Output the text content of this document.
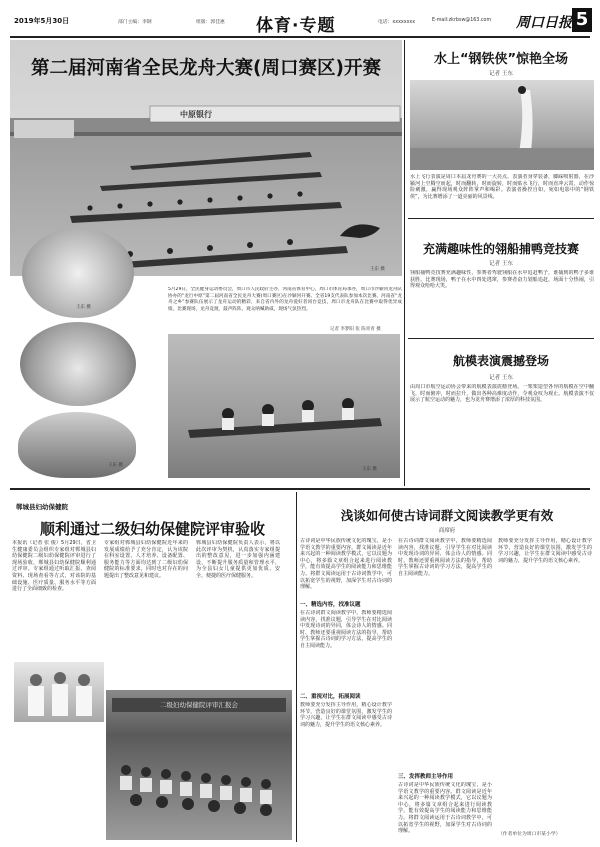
2019年5月30日	部门主编：李钢	组版：郭佳惠 体育·专题	电话：xxxxxxxx	E-mail:zkrbsw@163.com 周口日报 5
第二届河南省全民龙舟大赛(周口赛区)开赛
中原银行
王东 摄
王东 摄
5月29日，全民健身运动委员会，周口市人民政府主办，河南省体育中心，周口市体育局承办，周口市沙颍河龙舟队协办的“龙行中原”第二届河南省全民龙舟大赛(周口赛区)在沙颍河开赛。全省19支代表队参加本次比赛。河南省“龙舟之乡”参赛队伍展示了龙舟运动的精彩，来自省内外的龙舟爱好者同台竞技，周口市龙舟队在比赛中取得优异成绩。比赛现场，龙舟竞渡，鼓声阵阵，观众呐喊助威，现场气氛热烈。
记者 李梦阳 张 陈青青 摄
王东 摄
王东 摄
水上“钢铁侠”惊艳全场
记者 王东
水上飞行表演是周口本届龙舟赛的一大亮点。表演者身穿装备，脚踩喷射器，在沙颍河上空腾空而起，时而翻转，时而旋转，时而贴水飞行，时而直冲云霄，动作惊险刺激，赢得现场观众阵阵掌声和喝彩。表演者操控自如，宛如电影中的“钢铁侠”，为比赛增添了一道亮丽的风景线。
充满趣味性的翎船捕鸭竞技赛
记者 王东
翎船捕鸭竞技赛充满趣味性，参赛者驾驶翎船在水中追赶鸭子，谁捕到的鸭子多谁获胜。比赛现场，鸭子在水中四处逃窜，参赛者奋力划船追赶，场面十分热闹，引得观众哈哈大笑。
航模表演震撼登场
记者 王东
由周口市航空运动协会带来的航模表演震撼登场。一架架造型各异的航模在空中翻飞，时而俯冲，时而拉升，做出各种高难度动作，令观众叹为观止。航模表演不仅展示了航空运动的魅力，也为龙舟赛增添了浓厚的科技氛围。
郸城县妇幼保健院
顺利通过二级妇幼保健院评审验收
本报讯（记者 张 俊）5月29日，省卫生健康委员会组织专家组对郸城县妇幼保健院二级妇幼保健院评审进行了现场验收，郸城县妇幼保健院顺利通过评审。专家组通过听取汇报、查阅资料、现场查看等方式，对该院的基础设施、医疗质量、服务水平等方面进行了全面细致的检查。
专家组对郸城县妇幼保健院近年来的发展成绩给予了充分肯定，认为该院在科室设置、人才培养、设备配置、服务能力等方面均达到了二级妇幼保健院的标准要求，同时也对存在的问题提出了整改意见和建议。
郸城县妇幼保健院负责人表示，将以此次评审为契机，认真落实专家组提出的整改意见，进一步加强内涵建设，不断提升服务质量和管理水平，为全县妇女儿童提供更加优质、安全、便捷的医疗保健服务。
二级妇幼保健院评审汇报会
浅谈如何使古诗词群文阅读教学更有效
商席府
古诗词是中华民族传统文化的瑰宝，是小学语文教学的重要内容。群文阅读是近年来兴起的一种阅读教学模式，它以议题为中心，将多篇文章组合起来进行阅读教学，能有效提高学生的阅读能力和思维能力。将群文阅读运用于古诗词教学中，可以拓宽学生的视野，加深学生对古诗词的理解。
一、精选内容，找准议题
在古诗词群文阅读教学中，教师要精选阅读内容，找准议题，引导学生在对比阅读中发现诗词的异同，体会诗人的情感。同时，教师还要重视阅读方法的指导，帮助学生掌握古诗词的学习方法，提高学生的自主阅读能力。
二、重视对比，拓展阅读
教师要充分发挥主导作用，精心设计教学环节，营造良好的课堂氛围，激发学生的学习兴趣，让学生在群文阅读中感受古诗词的魅力，提升学生的语文核心素养。
在古诗词群文阅读教学中，教师要精选阅读内容，找准议题，引导学生在对比阅读中发现诗词的异同，体会诗人的情感。同时，教师还要重视阅读方法的指导，帮助学生掌握古诗词的学习方法，提高学生的自主阅读能力。
三、发挥教师主导作用
古诗词是中华民族传统文化的瑰宝，是小学语文教学的重要内容。群文阅读是近年来兴起的一种阅读教学模式，它以议题为中心，将多篇文章组合起来进行阅读教学，能有效提高学生的阅读能力和思维能力。将群文阅读运用于古诗词教学中，可以拓宽学生的视野，加深学生对古诗词的理解。
教师要充分发挥主导作用，精心设计教学环节，营造良好的课堂氛围，激发学生的学习兴趣，让学生在群文阅读中感受古诗词的魅力，提升学生的语文核心素养。
（作者单位为周口市某小学）
